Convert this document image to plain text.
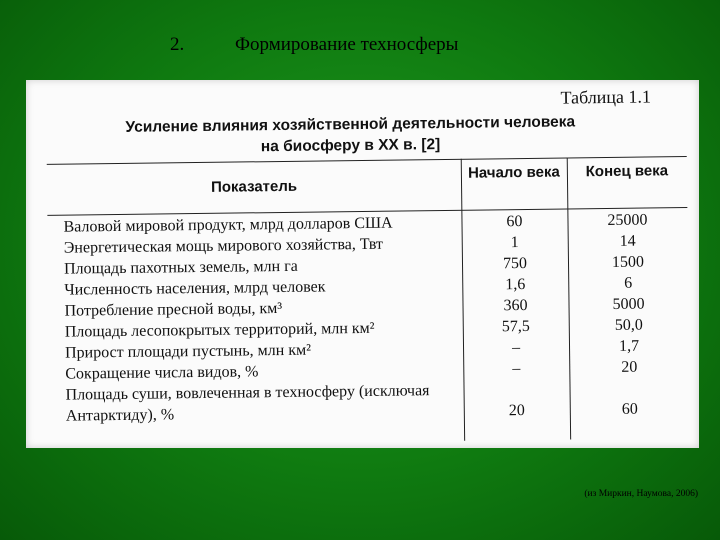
2.	Формирование техносферы
Таблица 1.1
Усиление влияния хозяйственной деятельности человека
на биосферу в XX в. [2]
Показатель
Начало века	Конец века
Валовой мировой продукт, млрд долларов США	60	25000
Энергетическая мощь мирового хозяйства, Твт	1	14
Площадь пахотных земель, млн га	750	1500
Численность населения, млрд человек	1,6	6
Потребление пресной воды, км³	360	5000
Площадь лесопокрытых территорий, млн км²	57,5	50,0
Прирост площади пустынь, млн км²	–	1,7
Сокращение числа видов, %	–	20
Площадь суши, вовлеченная в техносферу (исключая Антарктиду), %	20	60
(из Миркин, Наумова, 2006)
